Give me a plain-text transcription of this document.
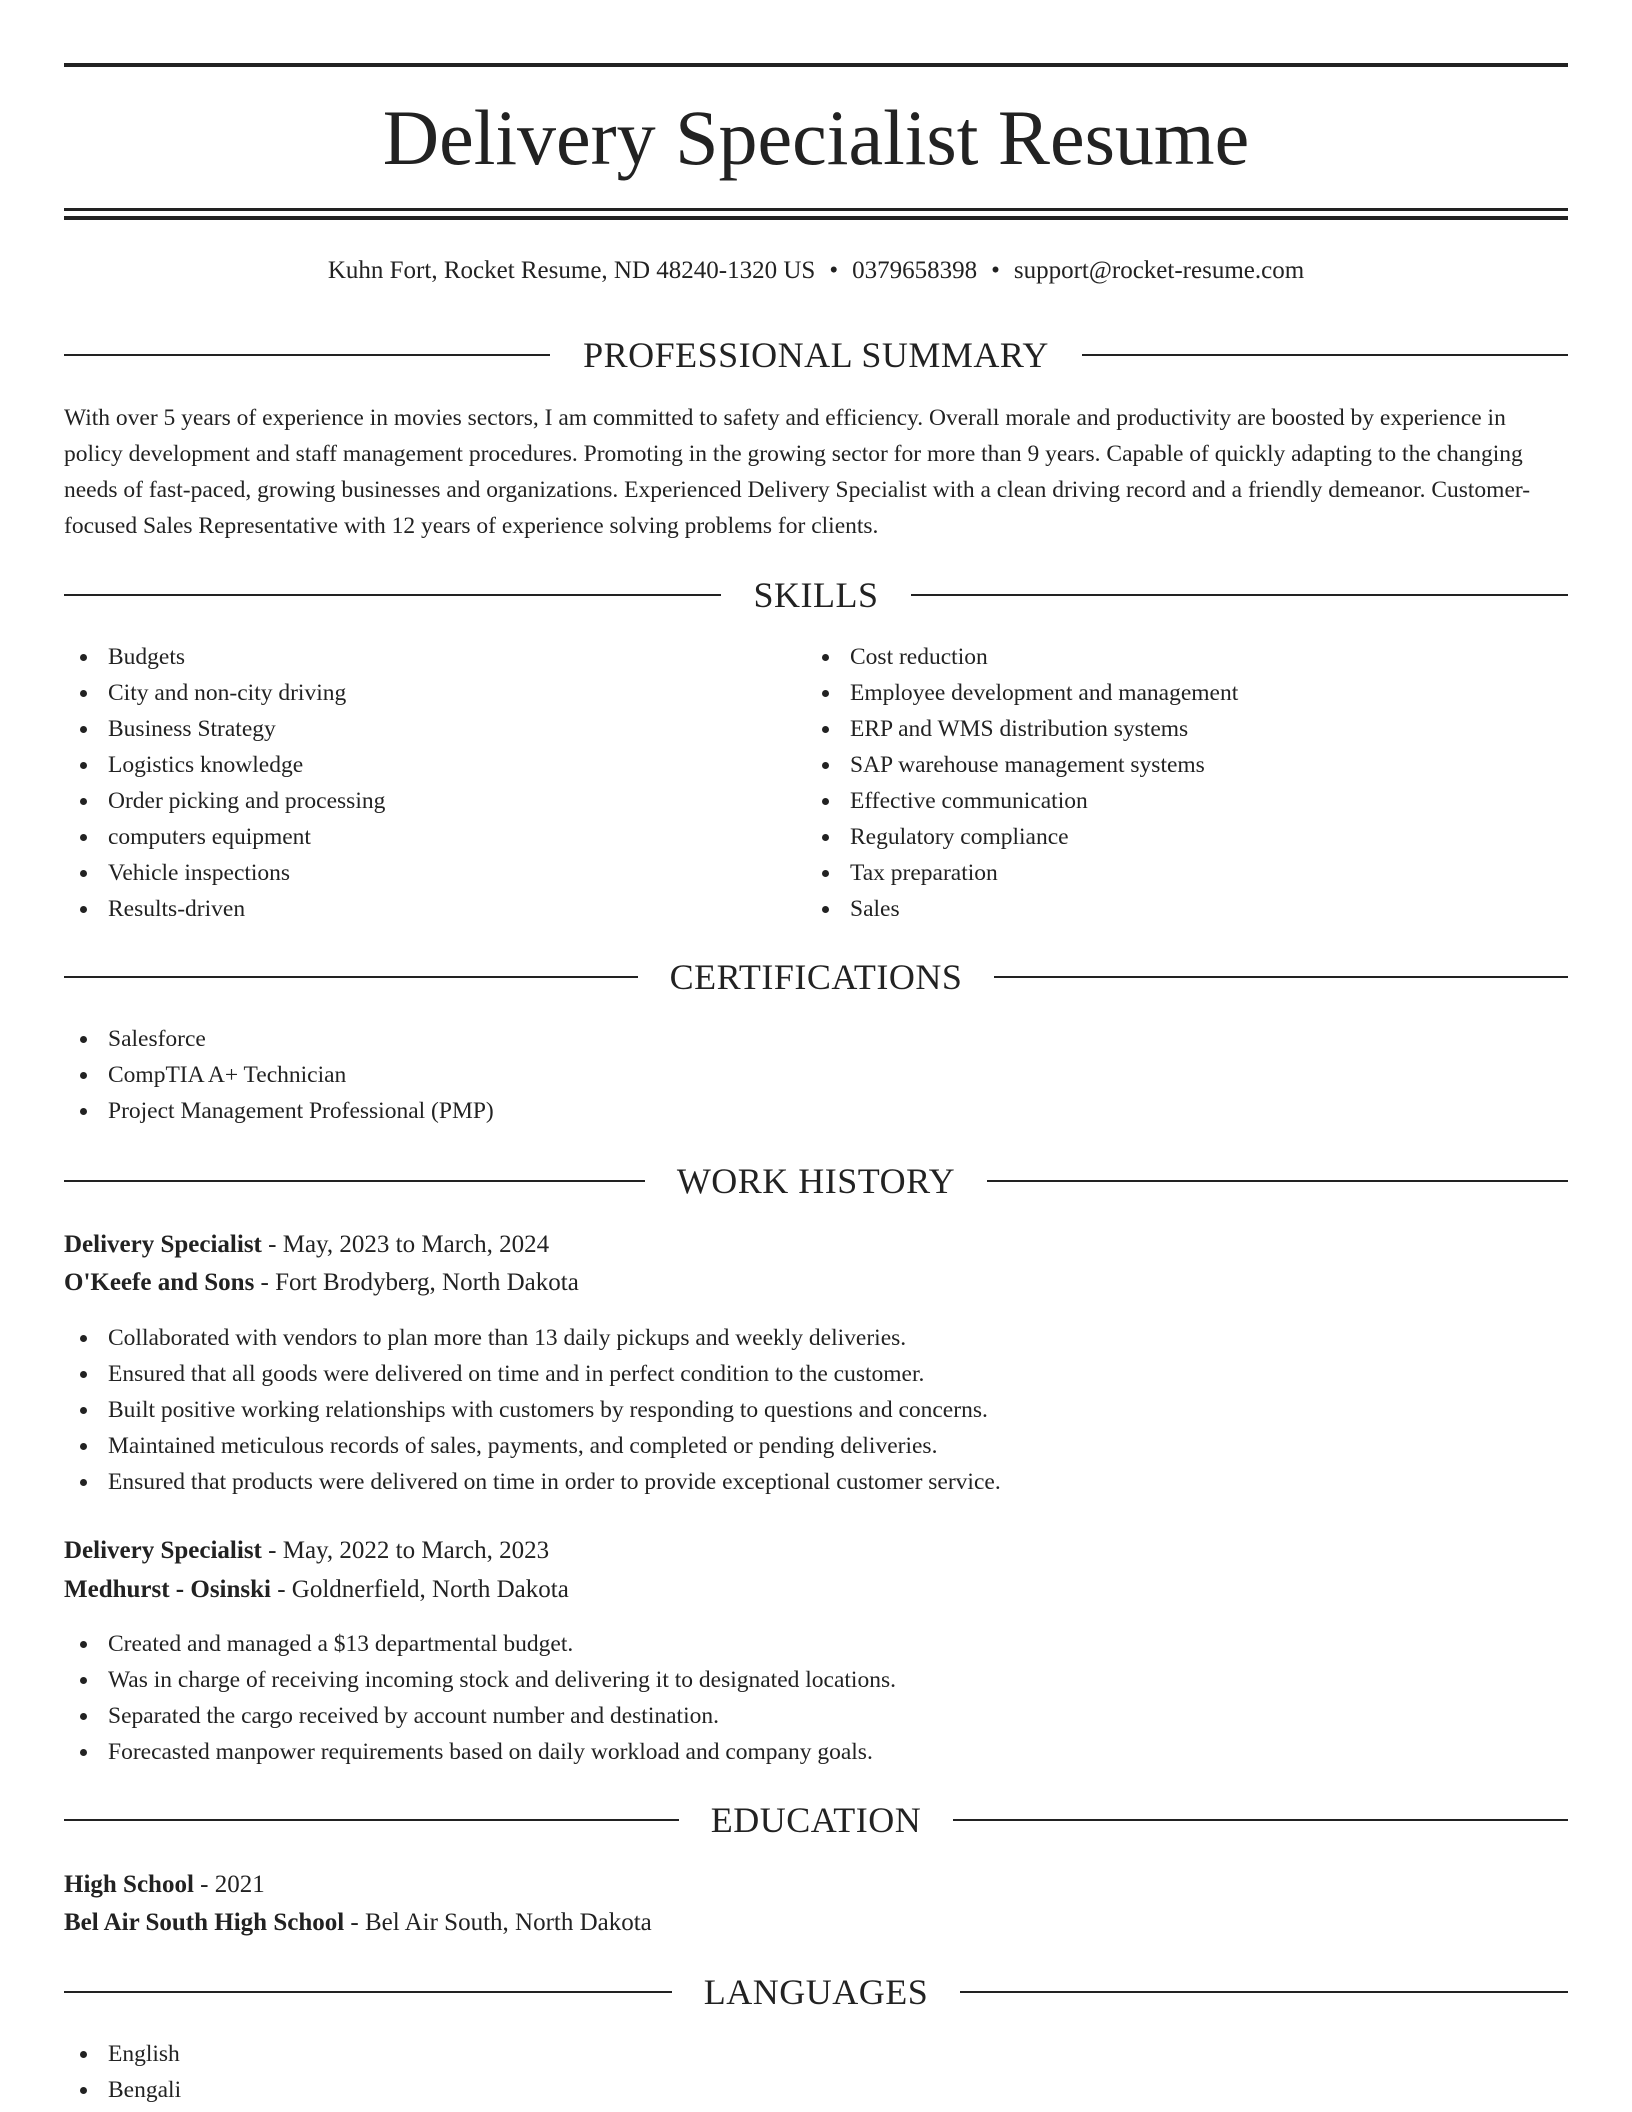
Delivery Specialist Resume
Kuhn Fort, Rocket Resume, ND 48240-1320 US • 0379658398 • support@rocket-resume.com
PROFESSIONAL SUMMARY

With over 5 years of experience in movies sectors, I am committed to safety and efficiency. Overall morale and productivity are boosted by experience in policy development and staff management procedures. Promoting in the growing sector for more than 9 years. Capable of quickly adapting to the changing needs of fast-paced, growing businesses and organizations. Experienced Delivery Specialist with a clean driving record and a friendly demeanor. Customer-focused Sales Representative with 12 years of experience solving problems for clients.

SKILLS
Budgets
City and non-city driving
Business Strategy
Logistics knowledge
Order picking and processing
computers equipment
Vehicle inspections
Results-driven
Cost reduction
Employee development and management
ERP and WMS distribution systems
SAP warehouse management systems
Effective communication
Regulatory compliance
Tax preparation
Sales
CERTIFICATIONS
Salesforce
CompTIA A+ Technician
Project Management Professional (PMP)
WORK HISTORY
Delivery Specialist - May, 2023 to March, 2024
O'Keefe and Sons - Fort Brodyberg, North Dakota
Collaborated with vendors to plan more than 13 daily pickups and weekly deliveries.
Ensured that all goods were delivered on time and in perfect condition to the customer.
Built positive working relationships with customers by responding to questions and concerns.
Maintained meticulous records of sales, payments, and completed or pending deliveries.
Ensured that products were delivered on time in order to provide exceptional customer service.
Delivery Specialist - May, 2022 to March, 2023
Medhurst - Osinski - Goldnerfield, North Dakota
Created and managed a $13 departmental budget.
Was in charge of receiving incoming stock and delivering it to designated locations.
Separated the cargo received by account number and destination.
Forecasted manpower requirements based on daily workload and company goals.
EDUCATION
High School - 2021
Bel Air South High School - Bel Air South, North Dakota
LANGUAGES
English
Bengali
